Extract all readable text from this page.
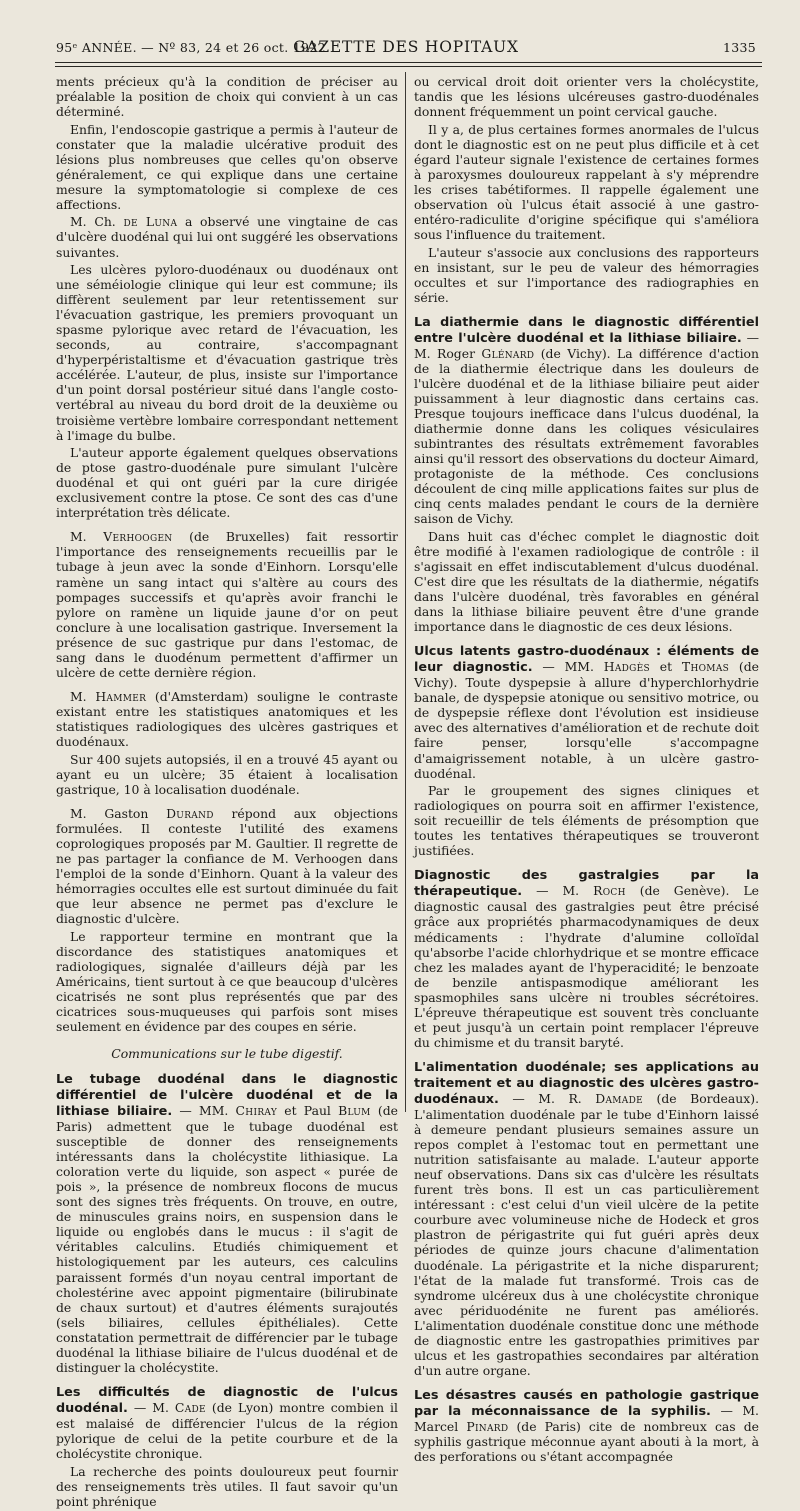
95ᵉ ANNÉE. — Nº 83, 24 et 26 oct. 1922.
GAZETTE DES HOPITAUX	1335

ments précieux qu'à la condition de préciser au préalable la position de choix qui convient à un cas déterminé.

Enfin, l'endoscopie gastrique a permis à l'auteur de constater que la maladie ulcérative produit des lésions plus nombreuses que celles qu'on observe généralement, ce qui explique dans une certaine mesure la symptomatologie si complexe de ces affections.

M. Ch. de Luna a observé une vingtaine de cas d'ulcère duodénal qui lui ont suggéré les observations suivantes.

Les ulcères pyloro-duodénaux ou duodénaux ont une séméiologie clinique qui leur est commune; ils diffèrent seulement par leur retentissement sur l'évacuation gastrique, les premiers provoquant un spasme pylorique avec retard de l'évacuation, les seconds, au contraire, s'accompagnant d'hyperpéristaltisme et d'évacuation gastrique très accélérée. L'auteur, de plus, insiste sur l'importance d'un point dorsal postérieur situé dans l'angle costo-vertébral au niveau du bord droit de la deuxième ou troisième vertèbre lombaire correspondant nettement à l'image du bulbe.

L'auteur apporte également quelques observations de ptose gastro-duodénale pure simulant l'ulcère duodénal et qui ont guéri par la cure dirigée exclusivement contre la ptose. Ce sont des cas d'une interprétation très délicate.

M. Verhoogen (de Bruxelles) fait ressortir l'importance des renseignements recueillis par le tubage à jeun avec la sonde d'Einhorn. Lorsqu'elle ramène un sang intact qui s'altère au cours des pompages successifs et qu'après avoir franchi le pylore on ramène un liquide jaune d'or on peut conclure à une localisation gastrique. Inversement la présence de suc gastrique pur dans l'estomac, de sang dans le duodénum permettent d'affirmer un ulcère de cette dernière région.

M. Hammer (d'Amsterdam) souligne le contraste existant entre les statistiques anatomiques et les statistiques radiologiques des ulcères gastriques et duodénaux.

Sur 400 sujets autopsiés, il en a trouvé 45 ayant ou ayant eu un ulcère; 35 étaient à localisation gastrique, 10 à localisation duodénale.

M. Gaston Durand répond aux objections formulées. Il conteste l'utilité des examens coprologiques proposés par M. Gaultier. Il regrette de ne pas partager la confiance de M. Verhoogen dans l'emploi de la sonde d'Einhorn. Quant à la valeur des hémorragies occultes elle est surtout diminuée du fait que leur absence ne permet pas d'exclure le diagnostic d'ulcère.

Le rapporteur termine en montrant que la discordance des statistiques anatomiques et radiologiques, signalée d'ailleurs déjà par les Américains, tient surtout à ce que beaucoup d'ulcères cicatrisés ne sont plus représentés que par des cicatrices sous-muqueuses qui parfois sont mises seulement en évidence par des coupes en série.

Communications sur le tube digestif.

Le tubage duodénal dans le diagnostic différentiel de l'ulcère duodénal et de la lithiase biliaire. — MM. Chiray et Paul Blum (de Paris) admettent que le tubage duodénal est susceptible de donner des renseignements intéressants dans la cholécystite lithiasique. La coloration verte du liquide, son aspect « purée de pois », la présence de nombreux flocons de mucus sont des signes très fréquents. On trouve, en outre, de minuscules grains noirs, en suspension dans le liquide ou englobés dans le mucus : il s'agit de véritables calculins. Etudiés chimiquement et histologiquement par les auteurs, ces calculins paraissent formés d'un noyau central important de cholestérine avec appoint pigmentaire (bilirubinate de chaux surtout) et d'autres éléments surajoutés (sels biliaires, cellules épithéliales). Cette constatation permettrait de différencier par le tubage duodénal la lithiase biliaire de l'ulcus duodénal et de distinguer la cholécystite.

Les difficultés de diagnostic de l'ulcus duodénal. — M. Cade (de Lyon) montre combien il est malaisé de différencier l'ulcus de la région pylorique de celui de la petite courbure et de la cholécystite chronique.

La recherche des points douloureux peut fournir des renseignements très utiles. Il faut savoir qu'un point phrénique

ou cervical droit doit orienter vers la cholécystite, tandis que les lésions ulcéreuses gastro-duodénales donnent fréquemment un point cervical gauche.

Il y a, de plus certaines formes anormales de l'ulcus dont le diagnostic est on ne peut plus difficile et à cet égard l'auteur signale l'existence de certaines formes à paroxysmes douloureux rappelant à s'y méprendre les crises tabétiformes. Il rappelle également une observation où l'ulcus était associé à une gastro-entéro-radiculite d'origine spécifique qui s'améliora sous l'influence du traitement.

L'auteur s'associe aux conclusions des rapporteurs en insistant, sur le peu de valeur des hémorragies occultes et sur l'importance des radiographies en série.

La diathermie dans le diagnostic différentiel entre l'ulcère duodénal et la lithiase biliaire. — M. Roger Glénard (de Vichy). La différence d'action de la diathermie électrique dans les douleurs de l'ulcère duodénal et de la lithiase biliaire peut aider puissamment à leur diagnostic dans certains cas. Presque toujours inefficace dans l'ulcus duodénal, la diathermie donne dans les coliques vésiculaires subintrantes des résultats extrêmement favorables ainsi qu'il ressort des observations du docteur Aimard, protagoniste de la méthode. Ces conclusions découlent de cinq mille applications faites sur plus de cinq cents malades pendant le cours de la dernière saison de Vichy.

Dans huit cas d'échec complet le diagnostic doit être modifié à l'examen radiologique de contrôle : il s'agissait en effet indiscutablement d'ulcus duodénal. C'est dire que les résultats de la diathermie, négatifs dans l'ulcère duodénal, très favorables en général dans la lithiase biliaire peuvent être d'une grande importance dans le diagnostic de ces deux lésions.

Ulcus latents gastro-duodénaux : éléments de leur diagnostic. — MM. Hadgès et Thomas (de Vichy). Toute dyspepsie à allure d'hyperchlorhydrie banale, de dyspepsie atonique ou sensitivo motrice, ou de dyspepsie réflexe dont l'évolution est insidieuse avec des alternatives d'amélioration et de rechute doit faire penser, lorsqu'elle s'accompagne d'amaigrissement notable, à un ulcère gastro-duodénal.

Par le groupement des signes cliniques et radiologiques on pourra soit en affirmer l'existence, soit recueillir de tels éléments de présomption que toutes les tentatives thérapeutiques se trouveront justifiées.

Diagnostic des gastralgies par la thérapeutique. — M. Roch (de Genève). Le diagnostic causal des gastralgies peut être précisé grâce aux propriétés pharmacodynamiques de deux médicaments : l'hydrate d'alumine colloïdal qu'absorbe l'acide chlorhydrique et se montre efficace chez les malades ayant de l'hyperacidité; le benzoate de benzile antispasmodique améliorant les spasmophiles sans ulcère ni troubles sécrétoires. L'épreuve thérapeutique est souvent très concluante et peut jusqu'à un certain point remplacer l'épreuve du chimisme et du transit baryté.

L'alimentation duodénale; ses applications au traitement et au diagnostic des ulcères gastro-duodénaux. — M. R. Damade (de Bordeaux). L'alimentation duodénale par le tube d'Einhorn laissé à demeure pendant plusieurs semaines assure un repos complet à l'estomac tout en permettant une nutrition satisfaisante au malade. L'auteur apporte neuf observations. Dans six cas d'ulcère les résultats furent très bons. Il est un cas particulièrement intéressant : c'est celui d'un vieil ulcère de la petite courbure avec volumineuse niche de Hodeck et gros plastron de périgastrite qui fut guéri après deux périodes de quinze jours chacune d'alimentation duodénale. La périgastrite et la niche disparurent; l'état de la malade fut transformé. Trois cas de syndrome ulcéreux dus à une cholécystite chronique avec périduodénite ne furent pas améliorés. L'alimentation duodénale constitue donc une méthode de diagnostic entre les gastropathies primitives par ulcus et les gastropathies secondaires par altération d'un autre organe.

Les désastres causés en pathologie gastrique par la méconnaissance de la syphilis. — M. Marcel Pinard (de Paris) cite de nombreux cas de syphilis gastrique méconnue ayant abouti à la mort, à des perforations ou s'étant accompagnée
